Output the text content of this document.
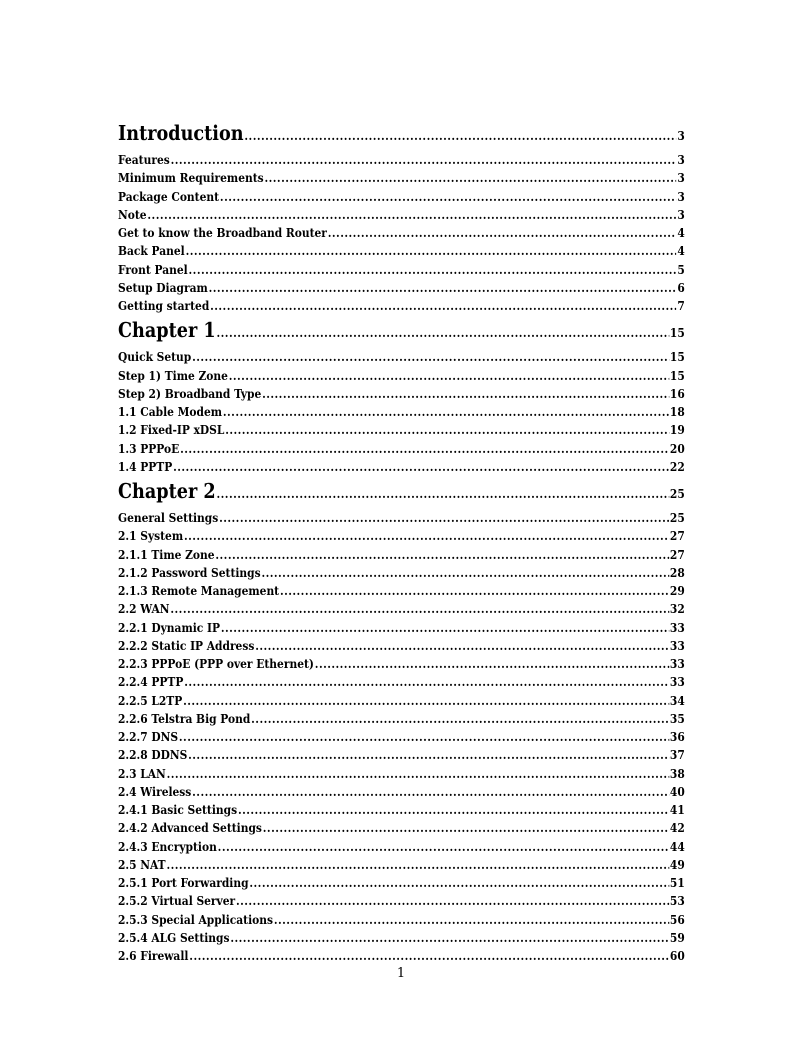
Introduction .....	3
Features .....	3
Minimum Requirements .....	3
Package Content .....	3
Note .....	3
Get to know the Broadband Router .....	4
Back Panel .....	4
Front Panel .....	5
Setup Diagram .....	6
Getting started .....	7
Chapter 1 .....	15
Quick Setup .....	15
Step 1) Time Zone .....	15
Step 2) Broadband Type .....	16
1.1 Cable Modem .....	18
1.2 Fixed-IP xDSL .....	19
1.3 PPPoE .....	20
1.4 PPTP .....	22
Chapter 2 .....	25
General Settings .....	25
2.1 System .....	27
2.1.1 Time Zone .....	27
2.1.2 Password Settings .....	28
2.1.3 Remote Management .....	29
2.2 WAN .....	32
2.2.1 Dynamic IP .....	33
2.2.2 Static IP Address .....	33
2.2.3 PPPoE (PPP over Ethernet) .....	33
2.2.4 PPTP .....	33
2.2.5 L2TP .....	34
2.2.6 Telstra Big Pond .....	35
2.2.7 DNS .....	36
2.2.8 DDNS .....	37
2.3 LAN .....	38
2.4 Wireless .....	40
2.4.1 Basic Settings .....	41
2.4.2 Advanced Settings .....	42
2.4.3 Encryption .....	44
2.5 NAT .....	49
2.5.1 Port Forwarding .....	51
2.5.2 Virtual Server .....	53
2.5.3 Special Applications .....	56
2.5.4 ALG Settings .....	59
2.6 Firewall .....	60
1
